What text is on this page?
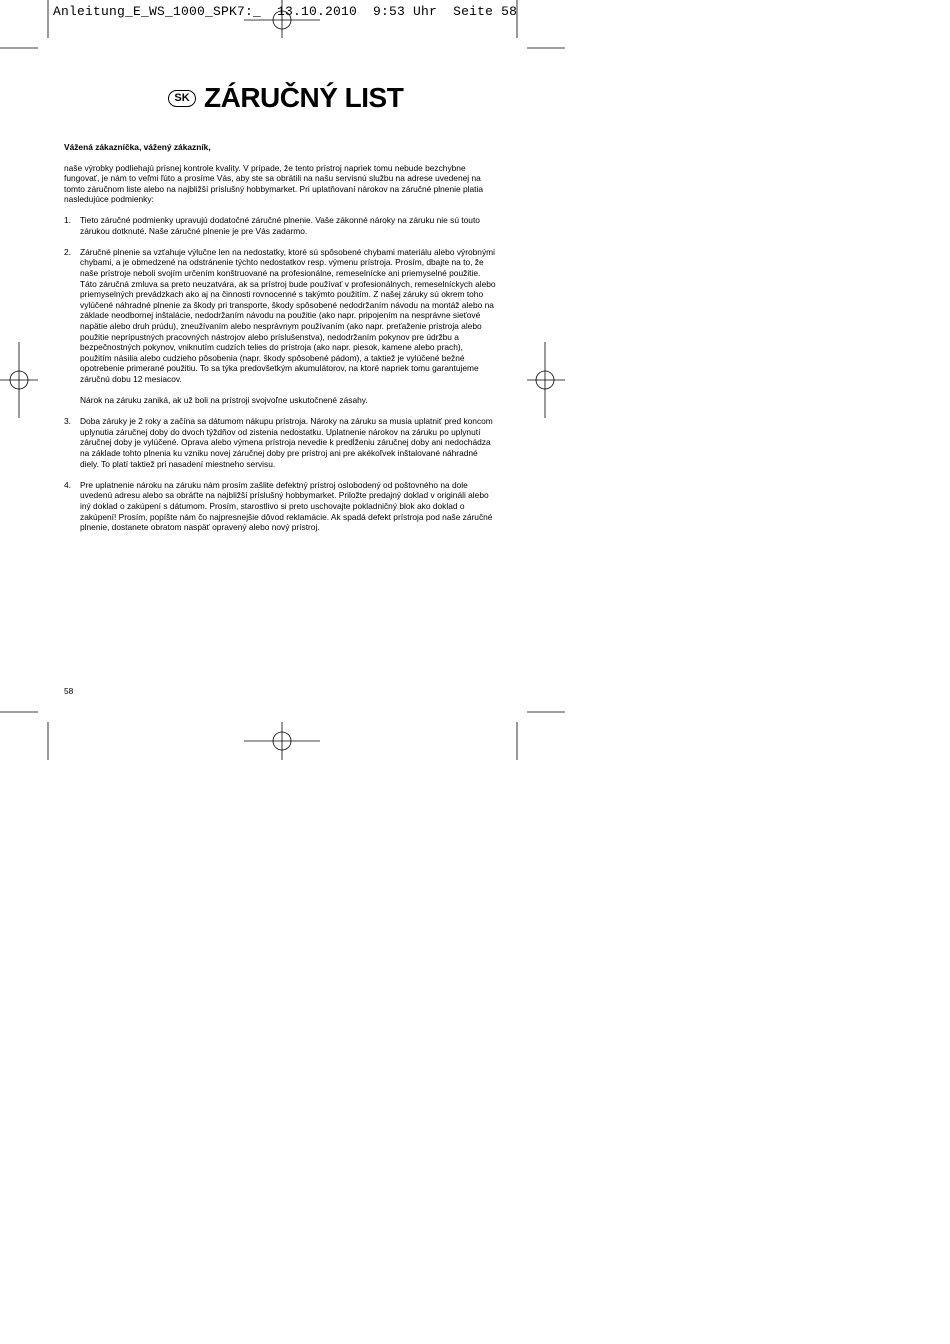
Anleitung_E_WS_1000_SPK7:_  13.10.2010  9:53 Uhr  Seite 58
SK ZÁRUČNÝ LIST

Vážená zákazníčka, vážený zákazník,

naše výrobky podliehajú prísnej kontrole kvality. V prípade, že tento prístroj napriek tomu nebude bezchybne fungovať, je nám to veľmi ľúto a prosíme Vás, aby ste sa obrátili na našu servisnú službu na adrese uvedenej na tomto záručnom liste alebo na najbližší príslušný hobbymarket. Pri uplatňovaní nárokov na záručné plnenie platia nasledujúce podmienky:

1.	Tieto záručné podmienky upravujú dodatočné záručné plnenie. Vaše zákonné nároky na záruku nie sú touto zárukou dotknuté. Naše záručné plnenie je pre Vás zadarmo.

2.	Záručné plnenie sa vzťahuje výlučne len na nedostatky, ktoré sú spôsobené chybami materiálu alebo výrobnými chybami, a je obmedzené na odstránenie týchto nedostatkov resp. výmenu prístroja. Prosím, dbajte na to, že naše prístroje neboli svojím určením konštruované na profesionálne, remeselnícke ani priemyselné použitie. Táto záručná zmluva sa preto neuzatvára, ak sa prístroj bude používať v profesionálnych, remeselníckych alebo priemyselných prevádzkach ako aj na činnosti rovnocenné s takýmto použitím. Z našej záruky sú okrem toho vylúčené náhradné plnenie za škody pri transporte, škody spôsobené nedodržaním návodu na montáž alebo na základe neodbornej inštalácie, nedodržaním návodu na použitie (ako napr. pripojením na nesprávne sieťové napätie alebo druh prúdu), zneužívaním alebo nesprávnym používaním (ako napr. preťaženie prístroja alebo použitie neprípustných pracovných nástrojov alebo príslušenstva), nedodržaním pokynov pre údržbu a bezpečnostných pokynov, vniknutím cudzích telies do prístroja (ako napr. piesok, kamene alebo prach), použitím násilia alebo cudzieho pôsobenia (napr. škody spôsobené pádom), a taktiež je vylúčené bežné opotrebenie primerané použitiu. To sa týka predovšetkým akumulátorov, na ktoré napriek tomu garantujeme záručnú dobu 12 mesiacov.

Nárok na záruku zaniká, ak už boli na prístroji svojvoľne uskutočnené zásahy.

3.	Doba záruky je 2 roky a začína sa dátumom nákupu prístroja. Nároky na záruku sa musia uplatniť pred koncom uplynutia záručnej doby do dvoch týždňov od zistenia nedostatku. Uplatnenie nárokov na záruku po uplynutí záručnej doby je vylúčené. Oprava alebo výmena prístroja nevedie k predĺženiu záručnej doby ani nedochádza na základe tohto plnenia ku vzniku novej záručnej doby pre prístroj ani pre akékoľvek inštalované náhradné diely. To platí taktiež pri nasadení miestneho servisu.

4.	Pre uplatnenie nároku na záruku nám prosím zašlite defektný prístroj oslobodený od poštovného na dole uvedenú adresu alebo sa obráťte na najbližší príslušný hobbymarket. Priložte predajný doklad v origináli alebo iný doklad o zakúpení s dátumom. Prosím, starostlivo si preto uschovajte pokladničný blok ako doklad o zakúpení! Prosím, popíšte nám čo najpresnejšie dôvod reklamácie. Ak spadá defekt prístroja pod naše záručné plnenie, dostanete obratom naspäť opravený alebo nový prístroj.

58
